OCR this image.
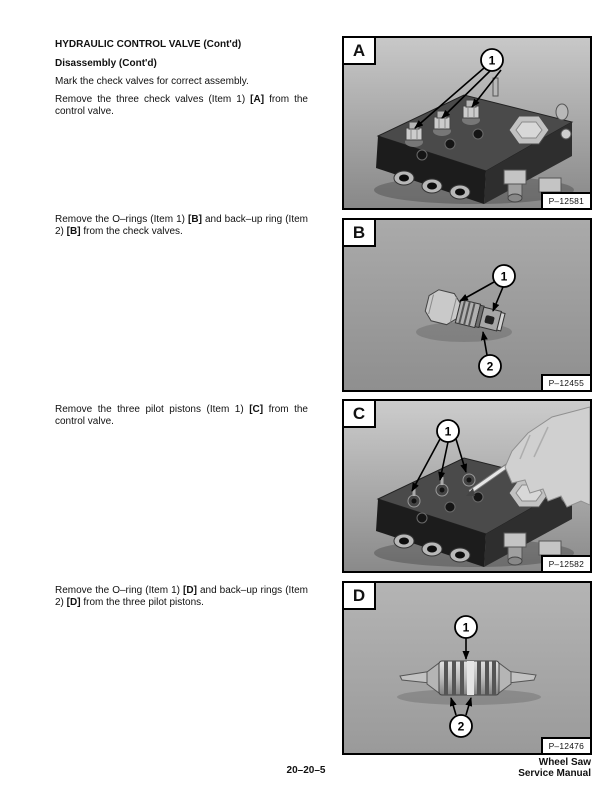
HYDRAULIC CONTROL VALVE (Cont'd)
Disassembly (Cont'd)
Mark the check valves for correct assembly.
Remove the three check valves (Item 1) [A] from the control valve.
Remove the O–rings (Item 1) [B] and back–up ring (Item 2) [B] from the check valves.
Remove the three pilot pistons (Item 1) [C] from the control valve.
Remove the O–ring (Item 1) [D] and back–up rings (Item 2) [D] from the three pilot pistons.
1
A
P–12581
1
2
B
P–12455
1
C
P–12582
1
2
D
P–12476
20–20–5
Wheel Saw
Service Manual
